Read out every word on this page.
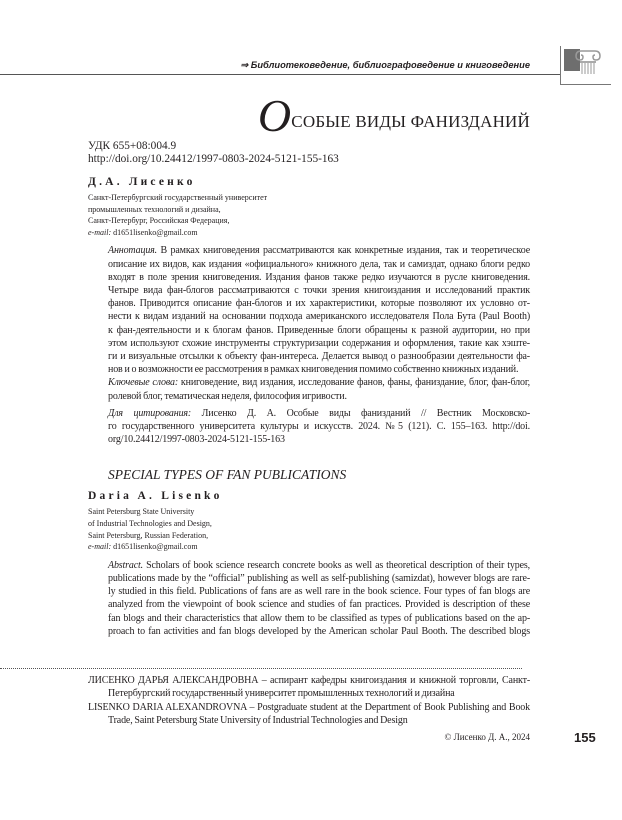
⇒ Библиотековедение, библиографоведение и книговедение
ОСОБЫЕ ВИДЫ ФАНИЗДАНИЙ
УДК 655+08:004.9
http://doi.org/10.24412/1997-0803-2024-5121-155-163
Д.А. Лисенко
Санкт-Петербургский государственный университет
промышленных технологий и дизайна,
Санкт-Петербург, Российская Федерация,
e-mail: d1651lisenko@gmail.com
Аннотация. В рамках книговедения рассматриваются как конкретные издания, так и теоретическое
описание их видов, как издания «официального» книжного дела, так и самиздат, однако блоги редко
входят в поле зрения книговедения. Издания фанов также редко изучаются в русле книговедения.
Четыре вида фан-блогов рассматриваются с точки зрения книгоиздания и исследований практик
фанов. Приводится описание фан-блогов и их характеристики, которые позволяют их условно от-
нести к видам изданий на основании подхода американского исследователя Пола Бута (Paul Booth)
к фан-деятельности и к блогам фанов. Приведенные блоги обращены к разной аудитории, но при
этом используют схожие инструменты структуризации содержания и оформления, такие как хэште-
ги и визуальные отсылки к объекту фан-интереса. Делается вывод о разнообразии деятельности фа-
нов и о возможности ее рассмотрения в рамках книговедения помимо собственно книжных изданий.
Ключевые слова: книговедение, вид издания, исследование фанов, фаны, фаниздание, блог, фан-блог,
ролевой блог, тематическая неделя, философия игривости.
Для цитирования: Лисенко Д. А. Особые виды фанизданий // Вестник Московско-
го государственного университета культуры и искусств. 2024. №5 (121). С. 155–163. http://doi.
org/10.24412/1997-0803-2024-5121-155-163
SPECIAL TYPES OF FAN PUBLICATIONS
Daria A. Lisenko
Saint Petersburg State University
of Industrial Technologies and Design,
Saint Petersburg, Russian Federation,
e-mail: d1651lisenko@gmail.com
Abstract. Scholars of book science research concrete books as well as theoretical description of their types,
publications made by the “official” publishing as well as self-publishing (samizdat), however blogs are rare-
ly studied in this field. Publications of fans are as well rare in the book science. Four types of fan blogs are
analyzed from the viewpoint of book science and studies of fan practices. Provided is description of these
fan blogs and their characteristics that allow them to be classified as types of publications based on the ap-
proach to fan activities and fan blogs developed by the American scholar Paul Booth. The described blogs
ЛИСЕНКО ДАРЬЯ АЛЕКСАНДРОВНА – аспирант кафедры книгоиздания и книжной торговли, Санкт-
Петербургский государственный университет промышленных технологий и дизайна
LISENKO DARIA ALEXANDROVNA – Postgraduate student at the Department of Book Publishing and Book
Trade, Saint Petersburg State University of Industrial Technologies and Design
© Лисенко Д. А., 2024	155
